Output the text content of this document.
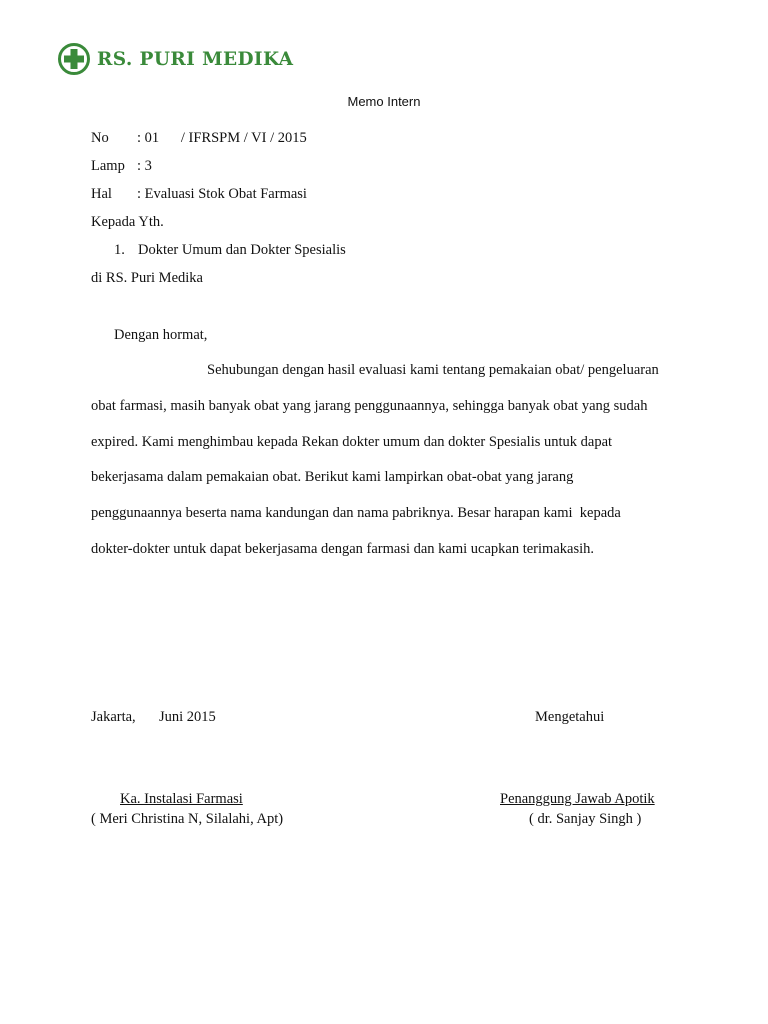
RS. PURI MEDIKA
Memo Intern
No : 01      / IFRSPM / VI / 2015
Lamp : 3
Hal : Evaluasi Stok Obat Farmasi
Kepada Yth.
1. Dokter Umum dan Dokter Spesialis
di RS. Puri Medika
Dengan hormat,
Sehubungan dengan hasil evaluasi kami tentang pemakaian obat/ pengeluaran
obat farmasi, masih banyak obat yang jarang penggunaannya, sehingga banyak obat yang sudah
expired. Kami menghimbau kepada Rekan dokter umum dan dokter Spesialis untuk dapat
bekerjasama dalam pemakaian obat. Berikut kami lampirkan obat-obat yang jarang
penggunaannya beserta nama kandungan dan nama pabriknya. Besar harapan kami  kepada
dokter-dokter untuk dapat bekerjasama dengan farmasi dan kami ucapkan terimakasih.
Jakarta, Juni 2015	Mengetahui
Ka. Instalasi Farmasi
( Meri Christina N, Silalahi, Apt)
Penanggung Jawab Apotik
( dr. Sanjay Singh )
